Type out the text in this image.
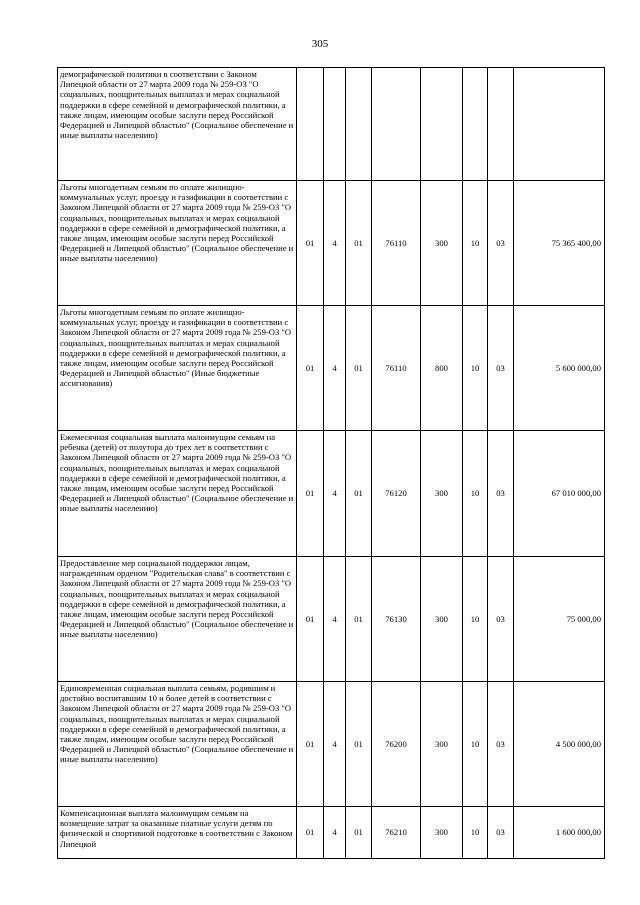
305
демографической политики в соответствии с Законом Липецкой области от 27 марта 2009 года № 259-ОЗ "О социальных, поощрительных выплатах и мерах социальной поддержки в сфере семейной и демографической политики, а также лицам, имеющим особые заслуги перед Российской Федерацией и Липецкой областью" (Социальное обеспечение и иные выплаты населению)								
Льготы многодетным семьям по оплате жилищно-коммунальных услуг, проезду и газификации в соответствии с Законом Липецкой области от 27 марта 2009 года № 259-ОЗ "О социальных, поощрительных выплатах и мерах социальной поддержки в сфере семейной и демографической политики, а также лицам, имеющим особые заслуги перед Российской Федерацией и Липецкой областью" (Социальное обеспечение и иные выплаты населению)	01	4	01	76110	300	10	03	75 365 400,00
Льготы многодетным семьям по оплате жилищно-коммунальных услуг, проезду и газификации в соответствии с Законом Липецкой области от 27 марта 2009 года № 259-ОЗ "О социальных, поощрительных выплатах и мерах социальной поддержки в сфере семейной и демографической политики, а также лицам, имеющим особые заслуги перед Российской Федерацией и Липецкой областью" (Иные бюджетные ассигнования)	01	4	01	76110	800	10	03	5 600 000,00
Ежемесячная социальная выплата малоимущим семьям на ребенка (детей) от полутора до трех лет в соответствии с Законом Липецкой области от 27 марта 2009 года № 259-ОЗ "О социальных, поощрительных выплатах и мерах социальной поддержки в сфере семейной и демографической политики, а также лицам, имеющим особые заслуги перед Российской Федерацией и Липецкой областью" (Социальное обеспечение и иные выплаты населению)	01	4	01	76120	300	10	03	67 010 000,00
Предоставление мер социальной поддержки лицам, награжденным орденом "Родительская слава" в соответствии с Законом Липецкой области от 27 марта 2009 года № 259-ОЗ "О социальных, поощрительных выплатах и мерах социальной поддержки в сфере семейной и демографической политики, а также лицам, имеющим особые заслуги перед Российской Федерацией и Липецкой областью" (Социальное обеспечение и иные выплаты населению)	01	4	01	76130	300	10	03	75 000,00
Единовременная социальная выплата семьям, родившим и достойно воспитавшим 10 и более детей в соответствии с Законом Липецкой области от 27 марта 2009 года № 259-ОЗ "О социальных, поощрительных выплатах и мерах социальной поддержки в сфере семейной и демографической политики, а также лицам, имеющим особые заслуги перед Российской Федерацией и Липецкой областью" (Социальное обеспечение и иные выплаты населению)	01	4	01	76200	300	10	03	4 500 000,00
Компенсационная выплата малоимущим семьям на возмещение затрат за оказанные платные услуги детям по физической и спортивной подготовке в соответствии с Законом Липецкой	01	4	01	76210	300	10	03	1 600 000,00
